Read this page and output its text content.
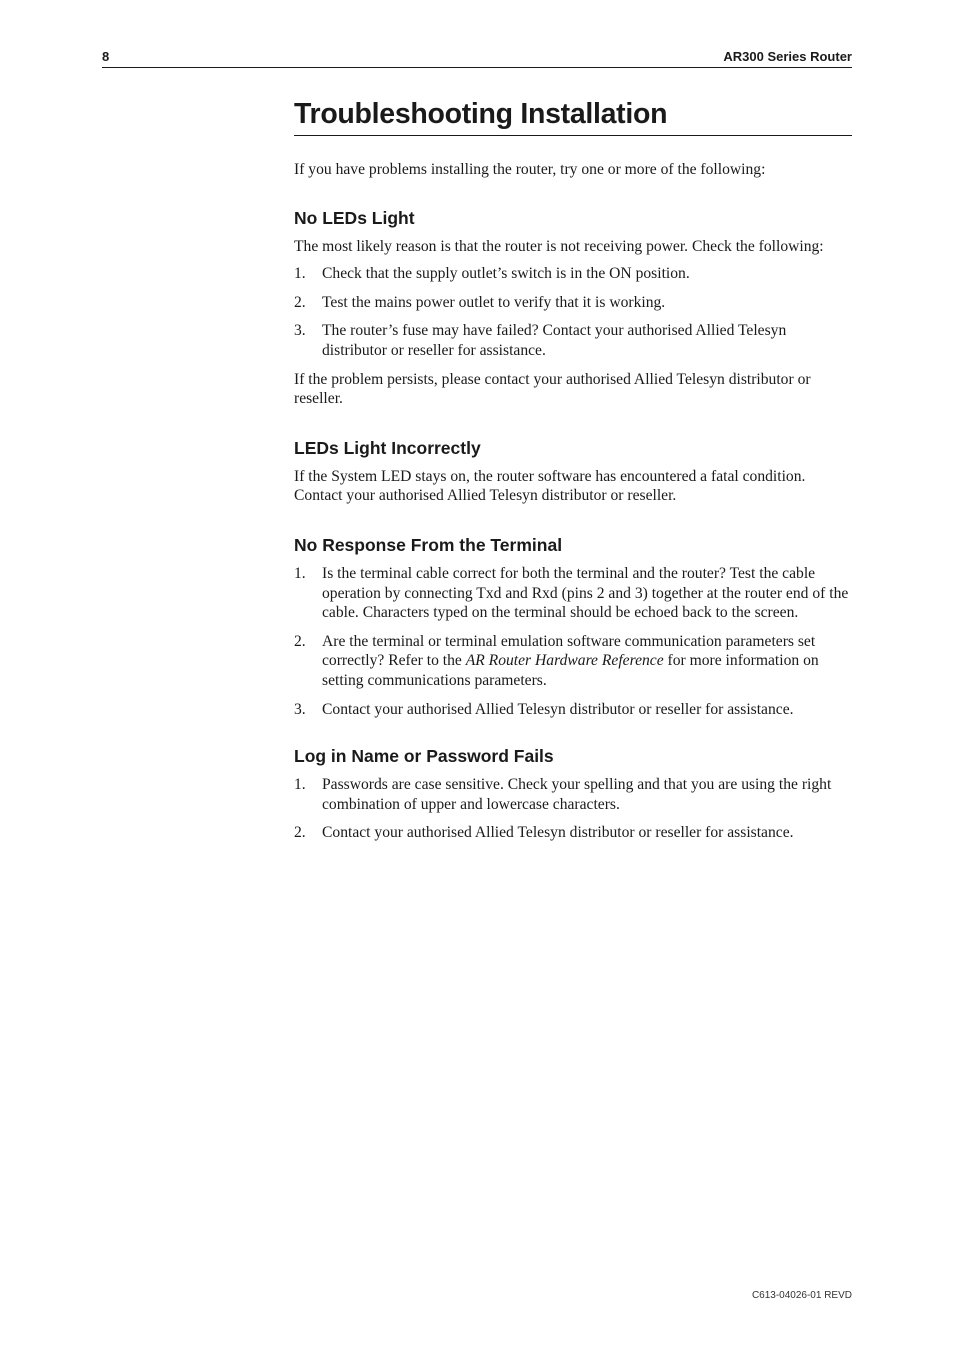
8	AR300 Series Router
Troubleshooting Installation

If you have problems installing the router, try one or more of the following:

No LEDs Light

The most likely reason is that the router is not receiving power. Check the following:

1. Check that the supply outlet’s switch is in the ON position.
2. Test the mains power outlet to verify that it is working.
3. The router’s fuse may have failed? Contact your authorised Allied Telesyn distributor or reseller for assistance.

If the problem persists, please contact your authorised Allied Telesyn distributor or reseller.

LEDs Light Incorrectly

If the System LED stays on, the router software has encountered a fatal condition. Contact your authorised Allied Telesyn distributor or reseller.

No Response From the Terminal
1. Is the terminal cable correct for both the terminal and the router? Test the cable operation by connecting Txd and Rxd (pins 2 and 3) together at the router end of the cable. Characters typed on the terminal should be echoed back to the screen.
2. Are the terminal or terminal emulation software communication parameters set correctly? Refer to the AR Router Hardware Reference for more information on setting communications parameters.
3. Contact your authorised Allied Telesyn distributor or reseller for assistance.
Log in Name or Password Fails
1. Passwords are case sensitive. Check your spelling and that you are using the right combination of upper and lowercase characters.
2. Contact your authorised Allied Telesyn distributor or reseller for assistance.
C613-04026-01 REVD
